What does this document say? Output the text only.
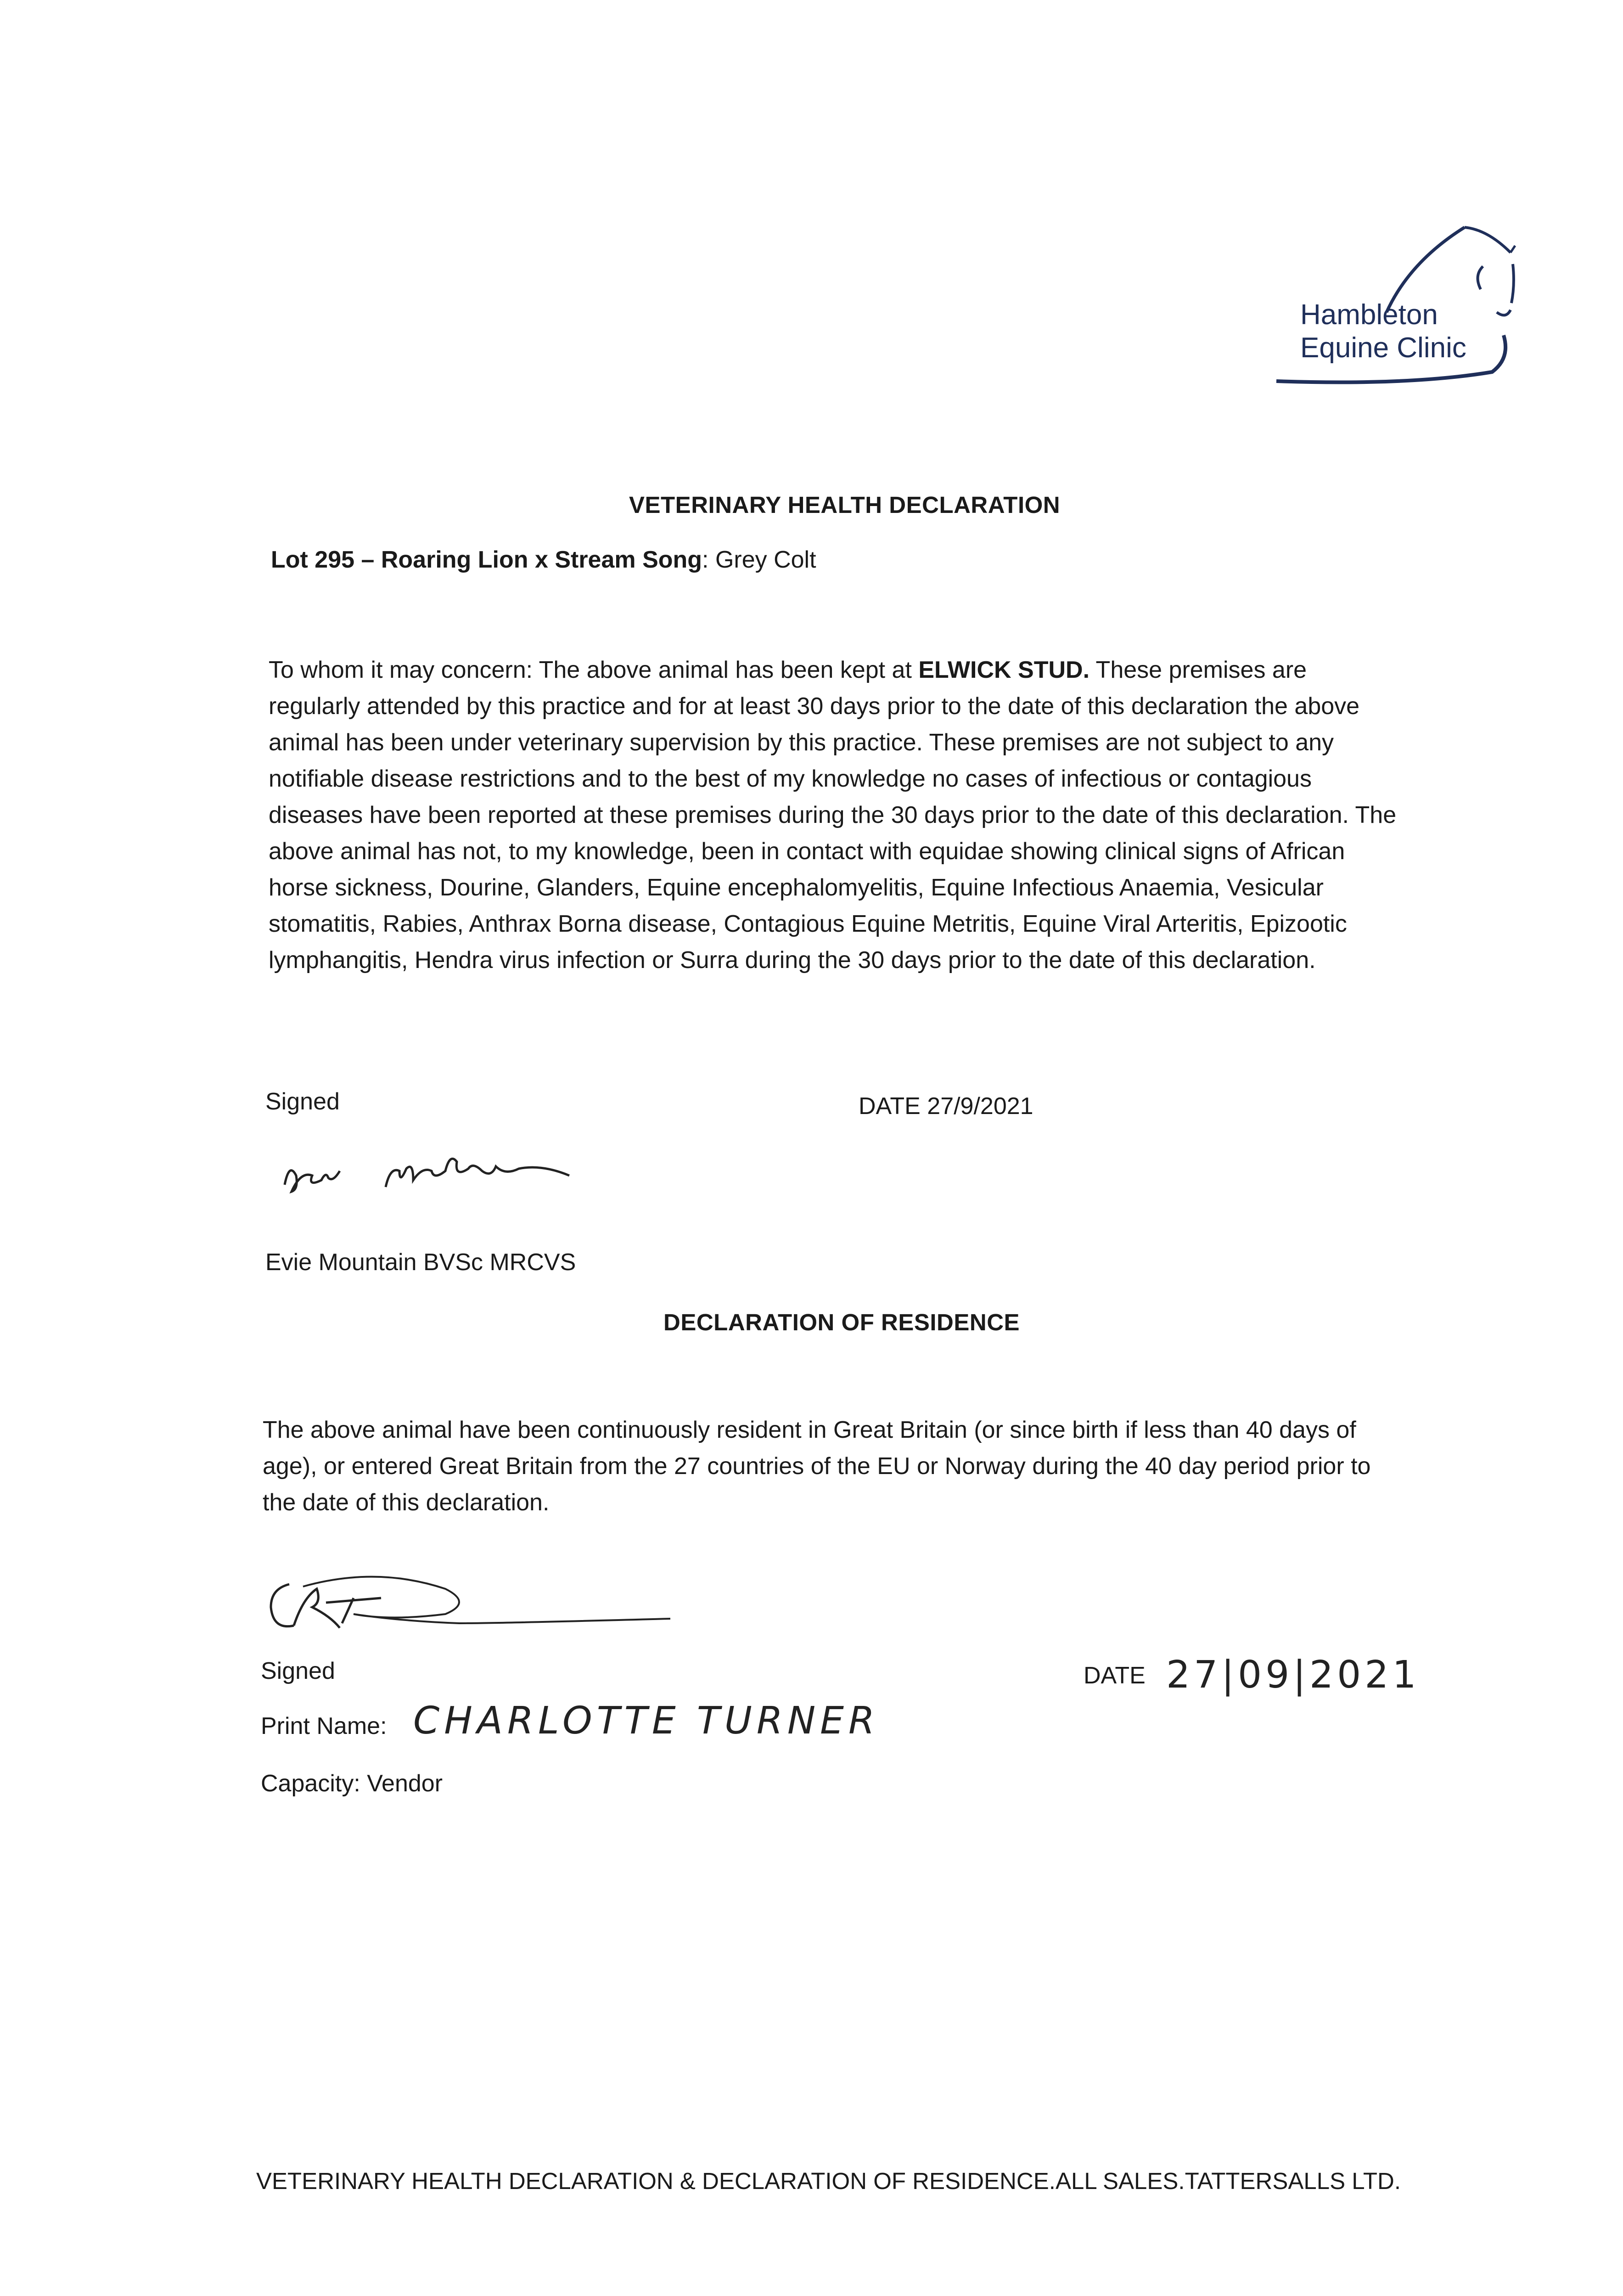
Hambleton
Equine Clinic
VETERINARY HEALTH DECLARATION
Lot 295 – Roaring Lion x Stream Song: Grey Colt
To whom it may concern: The above animal has been kept at ELWICK STUD. These premises are regularly attended by this practice and for at least 30 days prior to the date of this declaration the above animal has been under veterinary supervision by this practice. These premises are not subject to any notifiable disease restrictions and to the best of my knowledge no cases of infectious or contagious diseases have been reported at these premises during the 30 days prior to the date of this declaration. The above animal has not, to my knowledge, been in contact with equidae showing clinical signs of African horse sickness, Dourine, Glanders, Equine encephalomyelitis, Equine Infectious Anaemia, Vesicular stomatitis, Rabies, Anthrax Borna disease, Contagious Equine Metritis, Equine Viral Arteritis, Epizootic lymphangitis, Hendra virus infection or Surra during the 30 days prior to the date of this declaration.
Signed	DATE 27/9/2021
Evie Mountain BVSc MRCVS
DECLARATION OF RESIDENCE
The above animal have been continuously resident in Great Britain (or since birth if less than 40 days of age), or entered Great Britain from the 27 countries of the EU or Norway during the 40 day period prior to the date of this declaration.
Signed	DATE 27|09|2021
Print Name: CHARLOTTE TURNER
Capacity: Vendor
VETERINARY HEALTH DECLARATION & DECLARATION OF RESIDENCE.ALL SALES.TATTERSALLS LTD.
